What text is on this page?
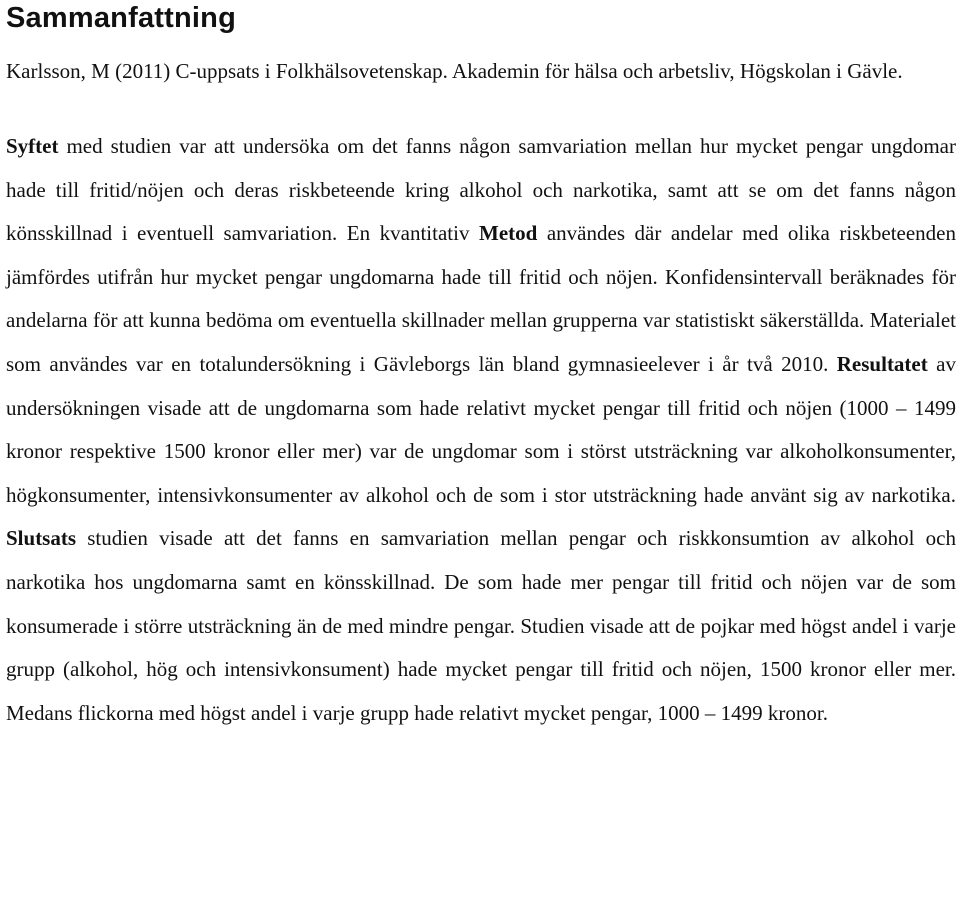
Sammanfattning

Karlsson, M (2011) C-uppsats i Folkhälsovetenskap. Akademin för hälsa och arbetsliv, Högskolan i Gävle.

Syftet med studien var att undersöka om det fanns någon samvariation mellan hur mycket pengar ungdomar hade till fritid/nöjen och deras riskbeteende kring alkohol och narkotika, samt att se om det fanns någon könsskillnad i eventuell samvariation. En kvantitativ Metod användes där andelar med olika riskbeteenden jämfördes utifrån hur mycket pengar ungdomarna hade till fritid och nöjen. Konfidensintervall beräknades för andelarna för att kunna bedöma om eventuella skillnader mellan grupperna var statistiskt säkerställda. Materialet som användes var en totalundersökning i Gävleborgs län bland gymnasieelever i år två 2010. Resultatet av undersökningen visade att de ungdomarna som hade relativt mycket pengar till fritid och nöjen (1000 – 1499 kronor respektive 1500 kronor eller mer) var de ungdomar som i störst utsträckning var alkoholkonsumenter, högkonsumenter, intensivkonsumenter av alkohol och de som i stor utsträckning hade använt sig av narkotika. Slutsats studien visade att det fanns en samvariation mellan pengar och riskkonsumtion av alkohol och narkotika hos ungdomarna samt en könsskillnad. De som hade mer pengar till fritid och nöjen var de som konsumerade i större utsträckning än de med mindre pengar. Studien visade att de pojkar med högst andel i varje grupp (alkohol, hög och intensivkonsument) hade mycket pengar till fritid och nöjen, 1500 kronor eller mer. Medans flickorna med högst andel i varje grupp hade relativt mycket pengar, 1000 – 1499 kronor.
